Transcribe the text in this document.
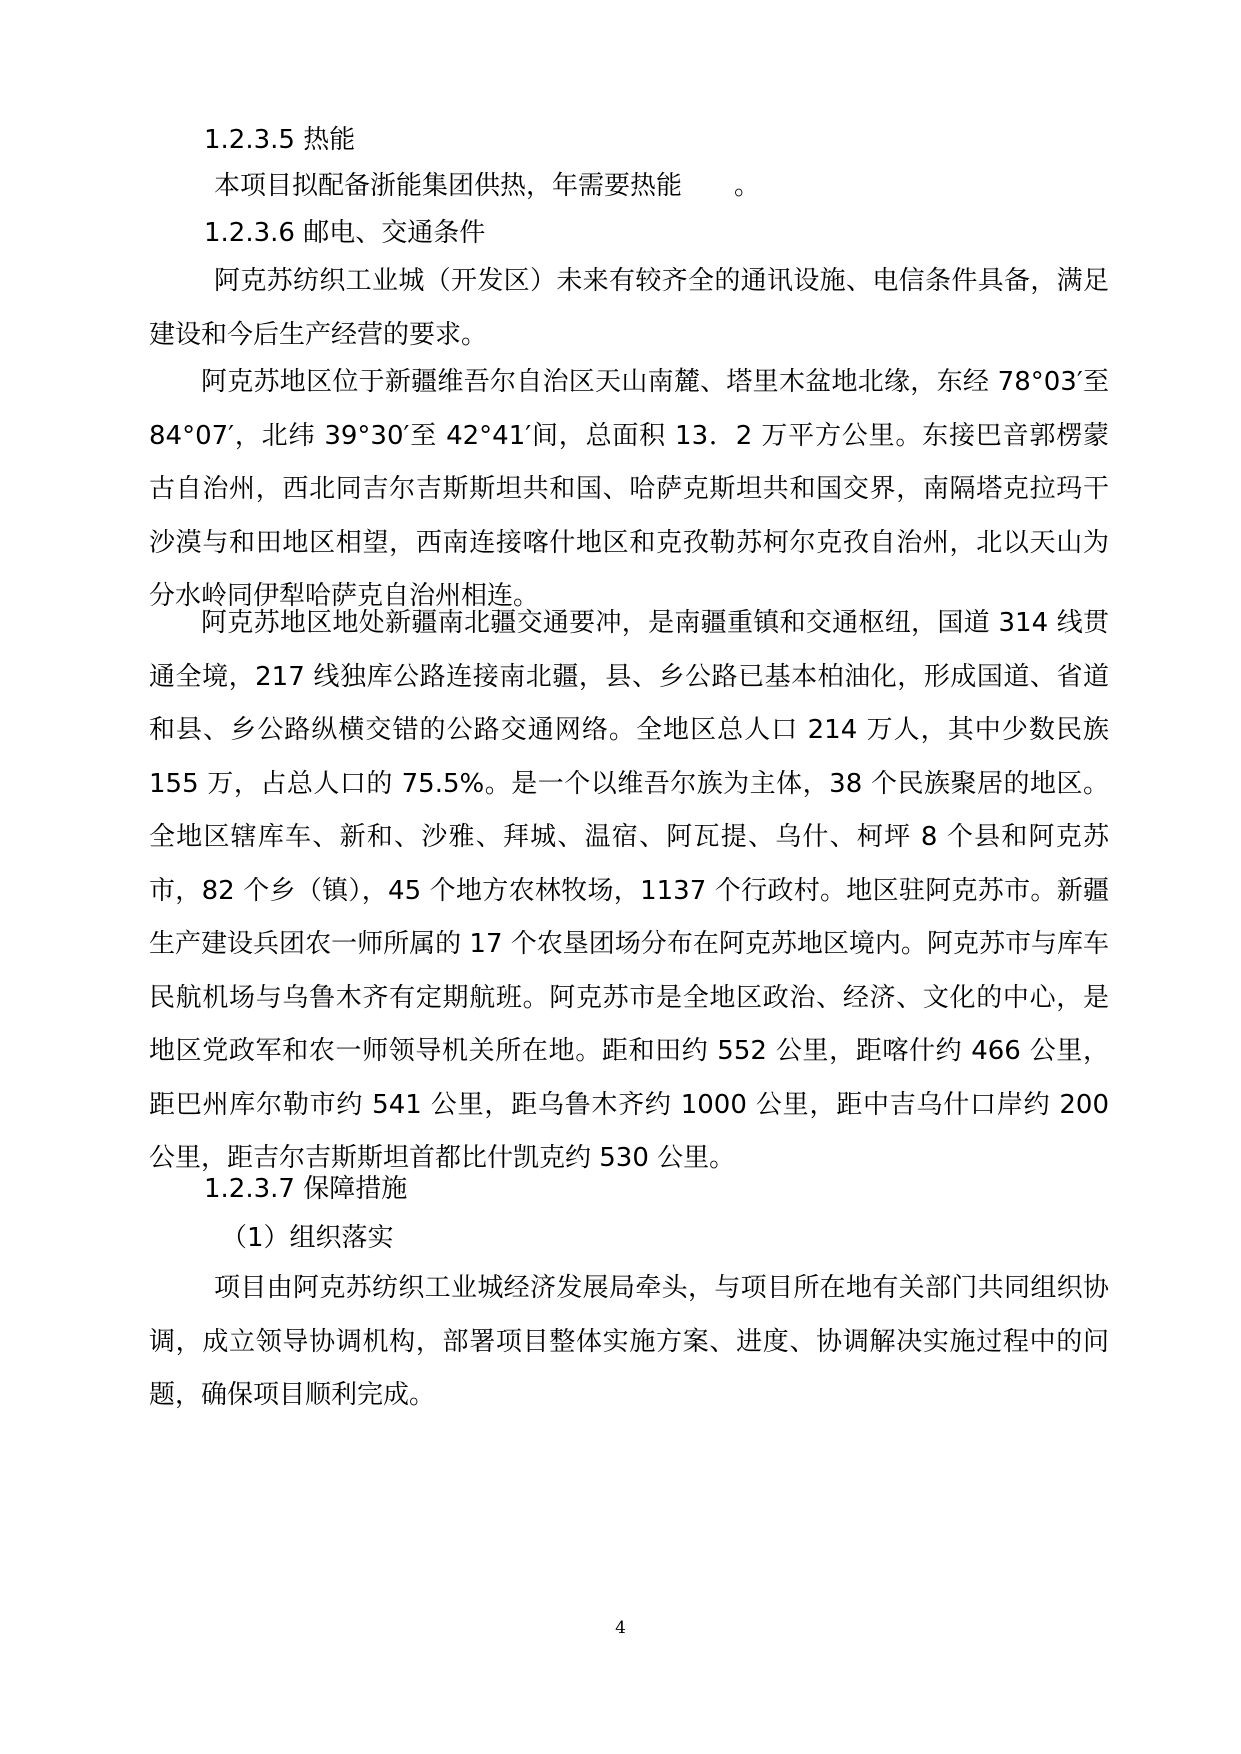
1.2.3.5 热能

本项目拟配备浙能集团供热，年需要热能　　。

1.2.3.6 邮电、交通条件

阿克苏纺织工业城（开发区）未来有较齐全的通讯设施、电信条件具备，满足建设和今后生产经营的要求。

阿克苏地区位于新疆维吾尔自治区天山南麓、塔里木盆地北缘，东经 78°03′至 84°07′，北纬 39°30′至 42°41′间，总面积 13．2 万平方公里。东接巴音郭楞蒙古自治州，西北同吉尔吉斯斯坦共和国、哈萨克斯坦共和国交界，南隔塔克拉玛干沙漠与和田地区相望，西南连接喀什地区和克孜勒苏柯尔克孜自治州，北以天山为分水岭同伊犁哈萨克自治州相连。

阿克苏地区地处新疆南北疆交通要冲，是南疆重镇和交通枢纽，国道 314 线贯通全境，217 线独库公路连接南北疆，县、乡公路已基本柏油化，形成国道、省道和县、乡公路纵横交错的公路交通网络。全地区总人口 214 万人，其中少数民族 155 万，占总人口的 75.5%。是一个以维吾尔族为主体，38 个民族聚居的地区。全地区辖库车、新和、沙雅、拜城、温宿、阿瓦提、乌什、柯坪 8 个县和阿克苏市，82 个乡（镇），45 个地方农林牧场，1137 个行政村。地区驻阿克苏市。新疆生产建设兵团农一师所属的 17 个农垦团场分布在阿克苏地区境内。阿克苏市与库车民航机场与乌鲁木齐有定期航班。阿克苏市是全地区政治、经济、文化的中心，是地区党政军和农一师领导机关所在地。距和田约 552 公里，距喀什约 466 公里，距巴州库尔勒市约 541 公里，距乌鲁木齐约 1000 公里，距中吉乌什口岸约 200 公里，距吉尔吉斯斯坦首都比什凯克约 530 公里。

1.2.3.7 保障措施

（1）组织落实

项目由阿克苏纺织工业城经济发展局牵头，与项目所在地有关部门共同组织协调，成立领导协调机构，部署项目整体实施方案、进度、协调解决实施过程中的问题，确保项目顺利完成。

4
